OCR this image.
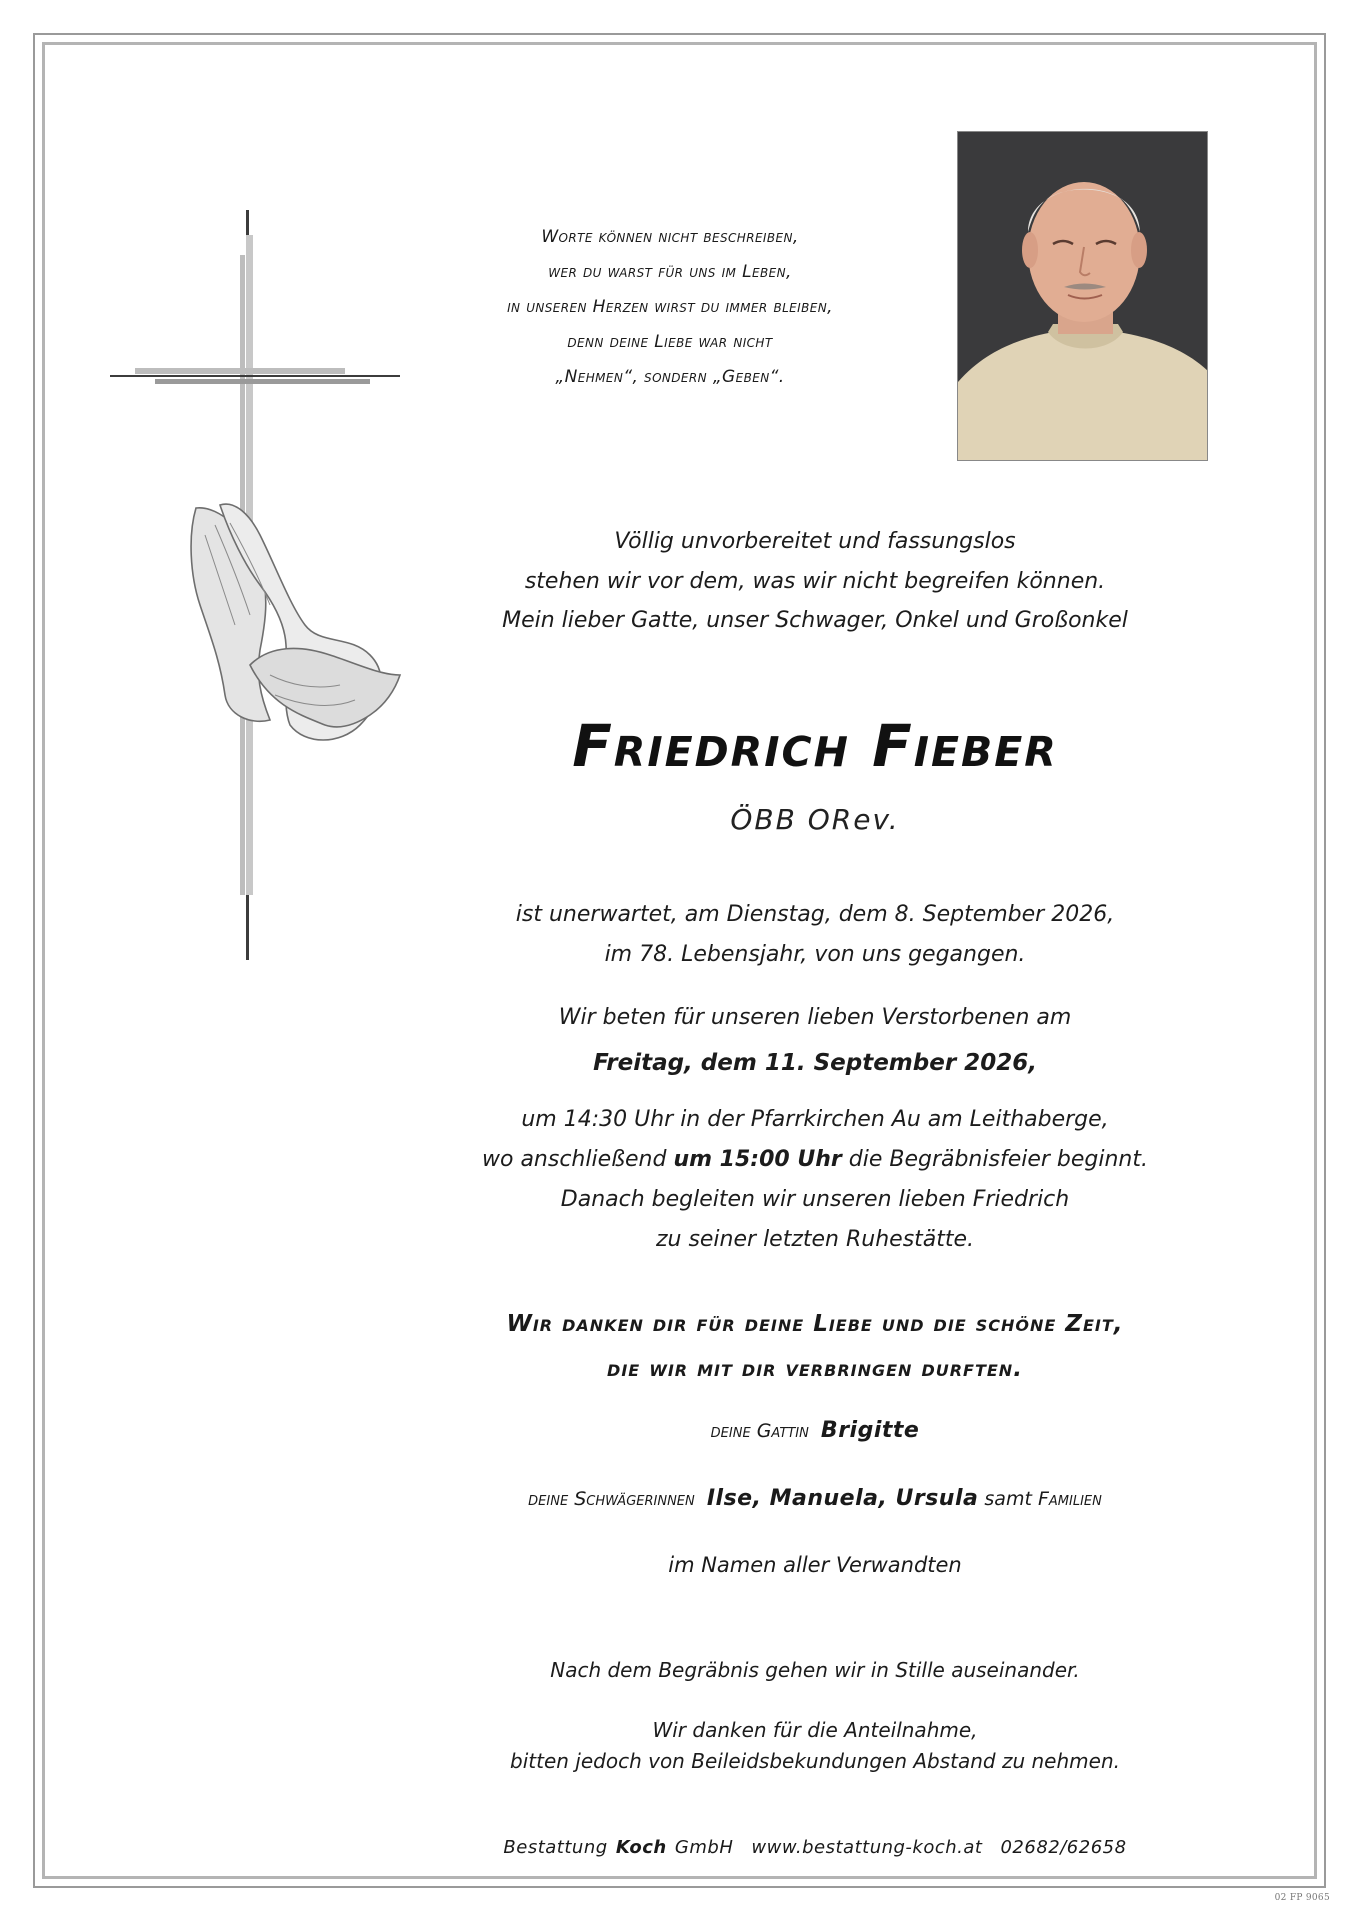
Worte können nicht beschreiben,
wer du warst für uns im Leben,
in unseren Herzen wirst du immer bleiben,
denn deine Liebe war nicht
„Nehmen“, sondern „Geben“.
Völlig unvorbereitet und fassungslos
stehen wir vor dem, was wir nicht begreifen können.
Mein lieber Gatte, unser Schwager, Onkel und Großonkel
Friedrich Fieber
ÖBB ORev.
ist unerwartet, am Dienstag, dem 8. September 2026,
im 78. Lebensjahr, von uns gegangen.
Wir beten für unseren lieben Verstorbenen am
Freitag, dem 11. September 2026,
um 14:30 Uhr in der Pfarrkirchen Au am Leithaberge,
wo anschließend um 15:00 Uhr die Begräbnisfeier beginnt.
Danach begleiten wir unseren lieben Friedrich
zu seiner letzten Ruhestätte.
Wir danken dir für deine Liebe und die schöne Zeit,
die wir mit dir verbringen durften.
deine Gattin Brigitte
deine Schwägerinnen Ilse, Manuela, Ursula samt Familien
im Namen aller Verwandten
Nach dem Begräbnis gehen wir in Stille auseinander.
Wir danken für die Anteilnahme,
bitten jedoch von Beileidsbekundungen Abstand zu nehmen.
Bestattung Koch GmbH www.bestattung-koch.at 02682/62658
02 FP 9065
